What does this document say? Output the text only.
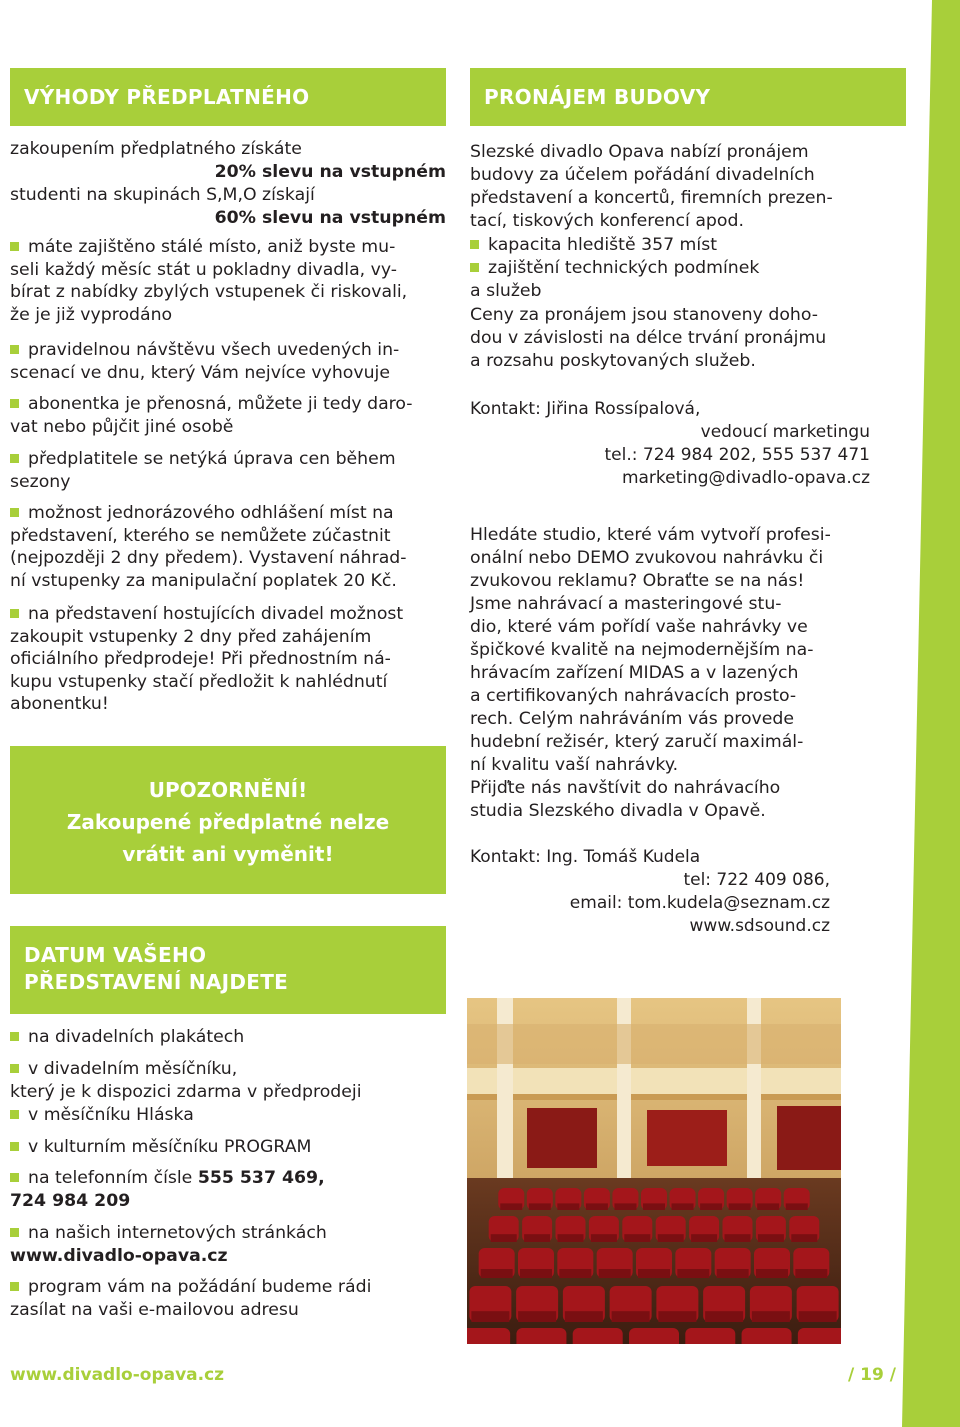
PŘEDPLATNÉ
VÝHODY PŘEDPLATNÉHO

zakoupením předplatného získáte

20% slevu na vstupném

studenti na skupinách S,M,O získají

60% slevu na vstupném

máte zajištěno stálé místo, aniž byste mu-
seli každý měsíc stát u pokladny divadla, vy-
bírat z nabídky zbylých vstupenek či riskovali,
že je již vyprodáno

pravidelnou návštěvu všech uvedených in-
scenací ve dnu, který Vám nejvíce vyhovuje

abonentka je přenosná, můžete ji tedy daro-
vat nebo půjčit jiné osobě

předplatitele se netýká úprava cen během
sezony

možnost jednorázového odhlášení míst na
představení, kterého se nemůžete zúčastnit
(nejpozději 2 dny předem). Vystavení náhrad-
ní vstupenky za manipulační poplatek 20 Kč.

na představení hostujících divadel možnost
zakoupit vstupenky 2 dny před zahájením
oficiálního předprodeje! Při přednostním ná-
kupu vstupenky stačí předložit k nahlédnutí
abonentku!

UPOZORNĚNÍ!

Zakoupené předplatné nelze

vrátit ani vyměnit!

DATUM VAŠEHO
PŘEDSTAVENÍ NAJDETE

na divadelních plakátech

v divadelním měsíčníku,
který je k dispozici zdarma v předprodeji

v měsíčníku Hláska

v kulturním měsíčníku PROGRAM

na telefonním čísle 555 537 469,
724 984 209

na našich internetových stránkách
www.divadlo-opava.cz

program vám na požádání budeme rádi
zasílat na vaši e-mailovou adresu

PRONÁJEM BUDOVY

Slezské divadlo Opava nabízí pronájem

budovy za účelem pořádání divadelních

představení a koncertů, firemních prezen-

tací, tiskových konferencí apod.

kapacita hlediště 357 míst

zajištění technických podmínek

a služeb

Ceny za pronájem jsou stanoveny doho-

dou v závislosti na délce trvání pronájmu

a rozsahu poskytovaných služeb.

Kontakt: Jiřina Rossípalová,

vedoucí marketingu

tel.: 724 984 202, 555 537 471

marketing@divadlo-opava.cz

Hledáte studio, které vám vytvoří profesi-

onální nebo DEMO zvukovou nahrávku či

zvukovou reklamu? Obraťte se na nás!

Jsme nahrávací a masteringové stu-

dio, které vám pořídí vaše nahrávky ve

špičkové kvalitě na nejmodernějším na-

hrávacím zařízení MIDAS a v lazených

a certifikovaných nahrávacích prosto-

rech. Celým nahráváním vás provede

hudební režisér, který zaručí maximál-

ní kvalitu vaší nahrávky.

Přijďte nás navštívit do nahrávacího

studia Slezského divadla v Opavě.

Kontakt: Ing. Tomáš Kudela

tel: 722 409 086,

email: tom.kudela@seznam.cz

www.sdsound.cz

www.divadlo-opava.cz	/ 19 /
